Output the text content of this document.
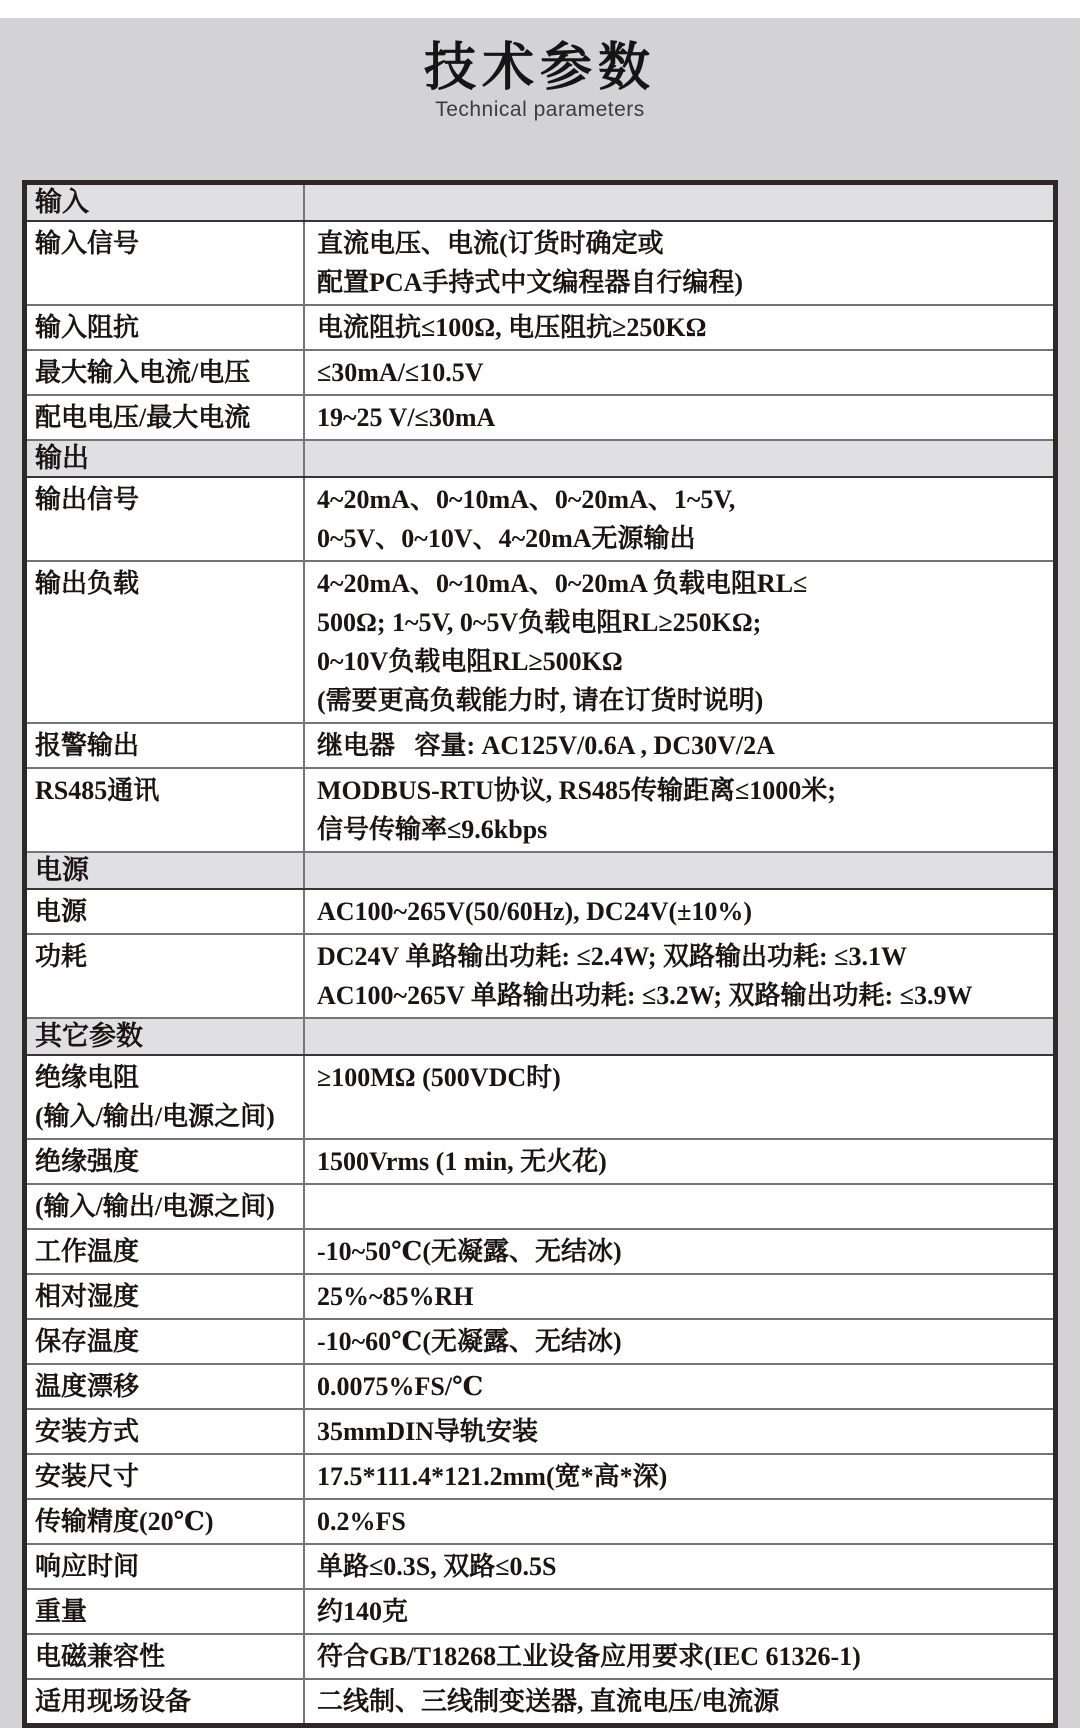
技术参数
Technical parameters
输入	

输入信号	直流电压、电流(订货时确定或
配置PCA手持式中文编程器自行编程)

输入阻抗	电流阻抗≤100Ω, 电压阻抗≥250KΩ

最大输入电流/电压	≤30mA/≤10.5V

配电电压/最大电流	19~25 V/≤30mA

输出	

输出信号	4~20mA、0~10mA、0~20mA、1~5V,
0~5V、0~10V、4~20mA无源输出

输出负载	4~20mA、0~10mA、0~20mA 负载电阻RL≤
500Ω; 1~5V, 0~5V负载电阻RL≥250KΩ;
0~10V负载电阻RL≥500KΩ
(需要更高负载能力时, 请在订货时说明)

报警输出	继电器   容量: AC125V/0.6A , DC30V/2A

RS485通讯	MODBUS-RTU协议, RS485传输距离≤1000米;
信号传输率≤9.6kbps

电源	

电源	AC100~265V(50/60Hz), DC24V(±10%)

功耗	DC24V 单路输出功耗: ≤2.4W; 双路输出功耗: ≤3.1W
AC100~265V 单路输出功耗: ≤3.2W; 双路输出功耗: ≤3.9W

其它参数	

绝缘电阻
(输入/输出/电源之间)	≥100MΩ (500VDC时)

绝缘强度	1500Vrms (1 min, 无火花)

(输入/输出/电源之间)	

工作温度	-10~50℃(无凝露、无结冰)

相对湿度	25%~85%RH

保存温度	-10~60℃(无凝露、无结冰)

温度漂移	0.0075%FS/℃

安装方式	35mmDIN导轨安装

安装尺寸	17.5*111.4*121.2mm(宽*高*深)

传输精度(20℃)	0.2%FS

响应时间	单路≤0.3S, 双路≤0.5S

重量	约140克

电磁兼容性	符合GB/T18268工业设备应用要求(IEC 61326-1)

适用现场设备	二线制、三线制变送器, 直流电压/电流源
